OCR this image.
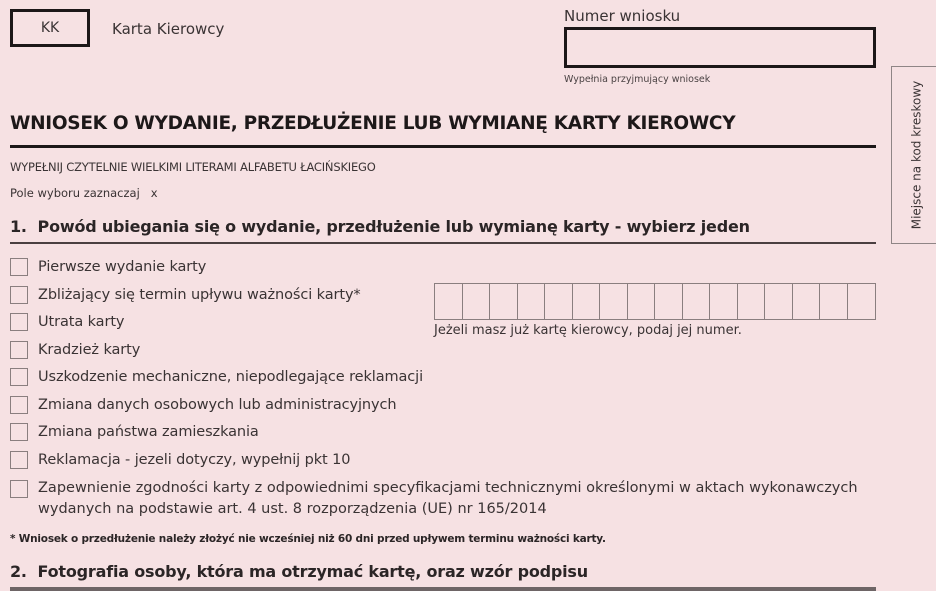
KK	Karta Kierowcy
Numer wniosku
Wypełnia przyjmujący wniosek
Miejsce na kod kreskowy
WNIOSEK O WYDANIE, PRZEDŁUŻENIE LUB WYMIANĘ KARTY KIEROWCY
WYPEŁNIJ CZYTELNIE WIELKIMI LITERAMI ALFABETU ŁACIŃSKIEGO
Pole wyboru zaznaczaj   x
1.  Powód ubiegania się o wydanie, przedłużenie lub wymianę karty - wybierz jeden
Pierwsze wydanie karty
Zbliżający się termin upływu ważności karty*
Utrata karty
Kradzież karty
Uszkodzenie mechaniczne, niepodlegające reklamacji
Zmiana danych osobowych lub administracyjnych
Zmiana państwa zamieszkania
Reklamacja - jezeli dotyczy, wypełnij pkt 10
Zapewnienie zgodności karty z odpowiednimi specyfikacjami technicznymi określonymi w aktach wykonawczych
wydanych na podstawie art. 4 ust. 8 rozporządzenia (UE) nr 165/2014
Jeżeli masz już kartę kierowcy, podaj jej numer.
* Wniosek o przedłużenie należy złożyć nie wcześniej niż 60 dni przed upływem terminu ważności karty.
2.  Fotografia osoby, która ma otrzymać kartę, oraz wzór podpisu
